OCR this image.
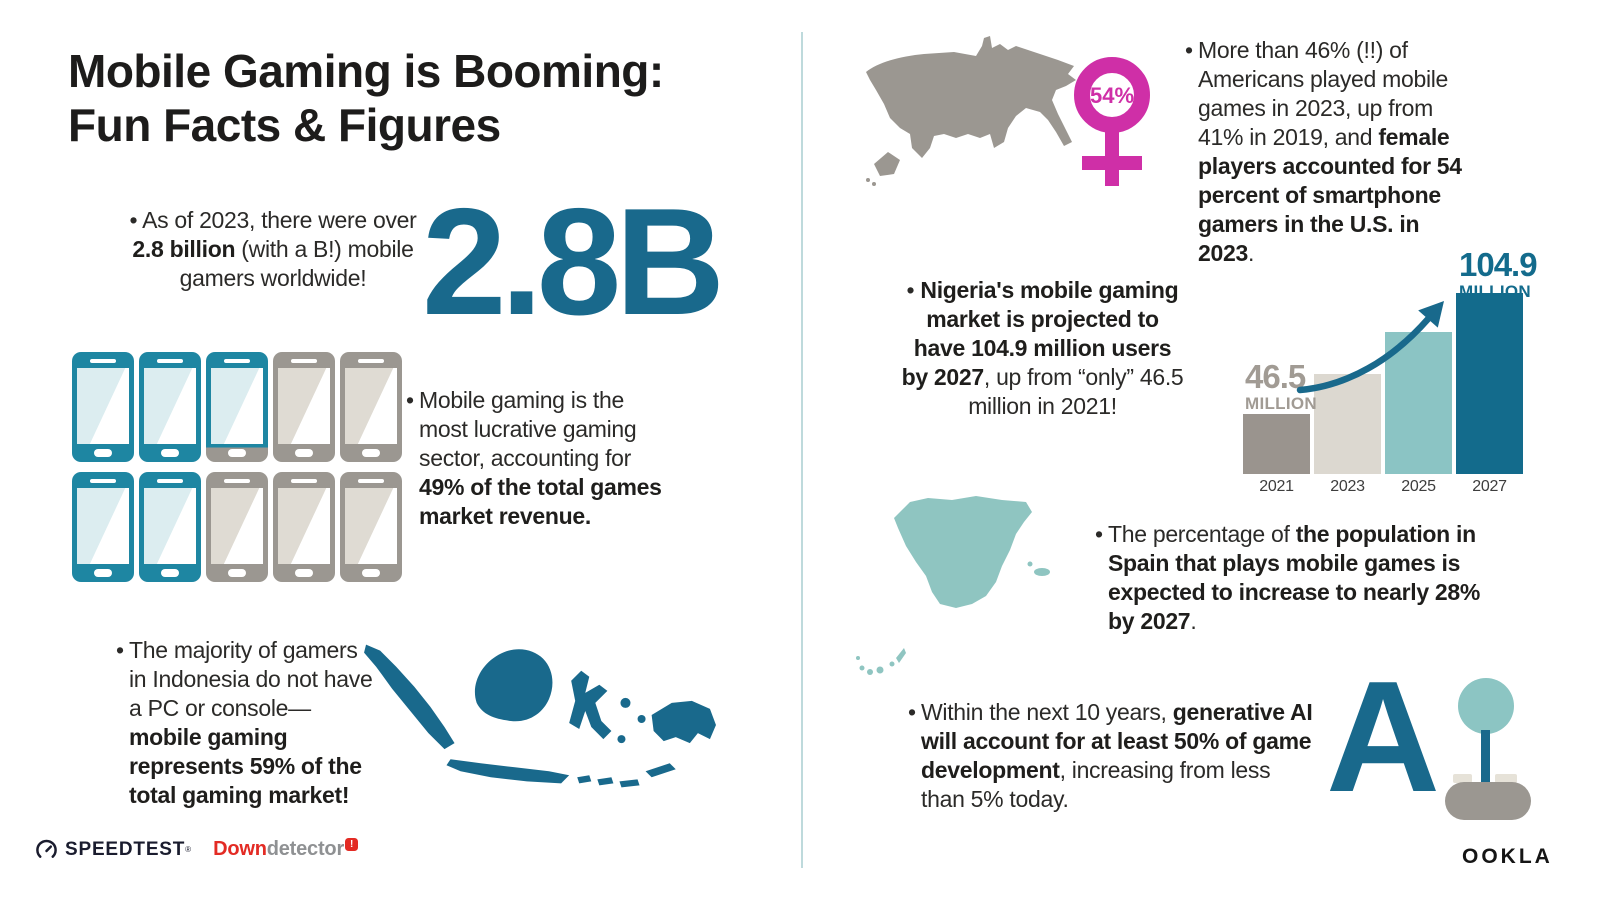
Mobile Gaming is Booming:
Fun Facts & Figures
• As of 2023, there were over 2.8 billion (with a B!) mobile gamers worldwide! 2.8B
• Mobile gaming is the most lucrative gaming sector, accounting for 49% of the total games market revenue.
• The majority of gamers in Indonesia do not have a PC or console—mobile gaming represents 59% of the total gaming market!
54%
• More than 46% (!!) of Americans played mobile games in 2023, up from 41% in 2019, and female players accounted for 54 percent of smartphone gamers in the U.S. in 2023.
• Nigeria's mobile gaming market is projected to have 104.9 million users by 2027, up from “only” 46.5 million in 2021!
2021 2023 2025 2027
46.5
MILLION
104.9
MILLION
• The percentage of the population in Spain that plays mobile games is expected to increase to nearly 28% by 2027.
• Within the next 10 years, generative AI will account for at least 50% of game development, increasing from less than 5% today.	A
SPEEDTEST ® Downdetector !
OOKLA
